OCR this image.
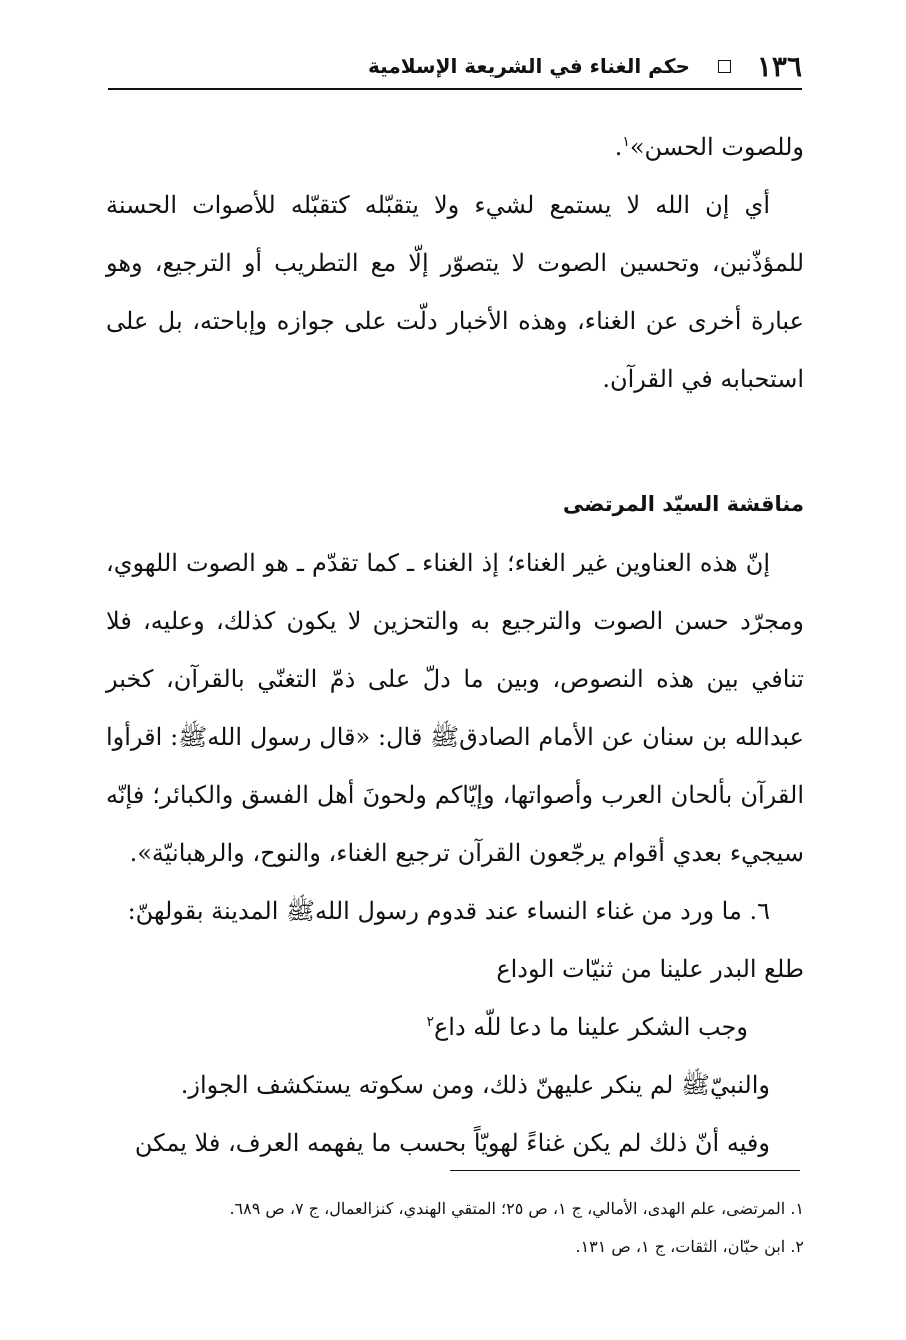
١٣٦
حكم الغناء في الشريعة الإسلامية

وللصوت الحسن»$^١$.

أي إن الله لا يستمع لشيء ولا يتقبّله كتقبّله للأصوات الحسنة للمؤذّنين، وتحسين الصوت لا يتصوّر إلّا مع التطريب أو الترجيع، وهو عبارة أخرى عن الغناء، وهذه الأخبار دلّت على جوازه وإباحته، بل على استحبابه في القرآن.

مناقشة السيّد المرتضى

إنّ هذه العناوين غير الغناء؛ إذ الغناء ـ كما تقدّم ـ هو الصوت اللهوي، ومجرّد حسن الصوت والترجيع به والتحزين لا يكون كذلك، وعليه، فلا تنافي بين هذه النصوص، وبين ما دلّ على ذمّ التغنّي بالقرآن، كخبر عبدالله بن سنان عن الأمام الصادقﷺ قال: «قال رسول اللهﷺ: اقرأوا القرآن بألحان العرب وأصواتها، وإيّاكم ولحونَ أهل الفسق والكبائر؛ فإنّه سيجيء بعدي أقوام يرجّعون القرآن ترجيع الغناء، والنوح، والرهبانيّة».

٦. ما ورد من غناء النساء عند قدوم رسول اللهﷺ المدينة بقولهنّ:

طلع البدر علينا من ثنيّات الوداع

وجب الشكر علينا ما دعا للّه داع$^٢$

والنبيّﷺ لم ينكر عليهنّ ذلك، ومن سكوته يستكشف الجواز.

وفيه أنّ ذلك لم يكن غناءً لهويّاً بحسب ما يفهمه العرف، فلا يمكن

١. المرتضى، علم الهدى، الأمالي، ج ١، ص ٢٥؛ المتقي الهندي، كنزالعمال، ج ٧، ص ٦٨٩.

٢. ابن حبّان، الثقات، ج ١، ص ١٣١.
